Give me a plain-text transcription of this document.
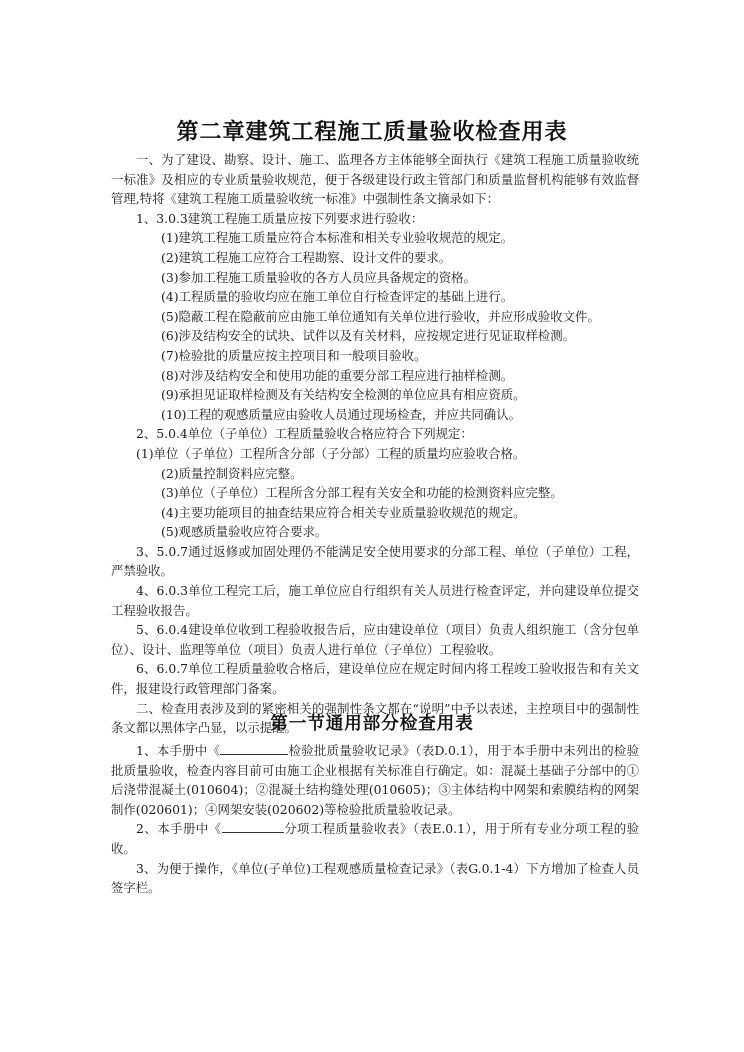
第二章建筑工程施工质量验收检查用表

一、为了建设、勘察、设计、施工、监理各方主体能够全面执行《建筑工程施工质量验收统一标准》及相应的专业质量验收规范，便于各级建设行政主管部门和质量监督机构能够有效监督管理,特将《建筑工程施工质量验收统一标准》中强制性条文摘录如下：

1、3.0.3建筑工程施工质量应按下列要求进行验收：

(1)建筑工程施工质量应符合本标准和相关专业验收规范的规定。

(2)建筑工程施工应符合工程勘察、设计文件的要求。

(3)参加工程施工质量验收的各方人员应具备规定的资格。

(4)工程质量的验收均应在施工单位自行检查评定的基础上进行。

(5)隐蔽工程在隐蔽前应由施工单位通知有关单位进行验收，并应形成验收文件。

(6)涉及结构安全的试块、试件以及有关材料，应按规定进行见证取样检测。

(7)检验批的质量应按主控项目和一般项目验收。

(8)对涉及结构安全和使用功能的重要分部工程应进行抽样检测。

(9)承担见证取样检测及有关结构安全检测的单位应具有相应资质。

(10)工程的观感质量应由验收人员通过现场检查，并应共同确认。

2、5.0.4单位（子单位）工程质量验收合格应符合下列规定：

(1)单位（子单位）工程所含分部（子分部）工程的质量均应验收合格。

(2)质量控制资料应完整。

(3)单位（子单位）工程所含分部工程有关安全和功能的检测资料应完整。

(4)主要功能项目的抽查结果应符合相关专业质量验收规范的规定。

(5)观感质量验收应符合要求。

3、5.0.7通过返修或加固处理仍不能满足安全使用要求的分部工程、单位（子单位）工程，严禁验收。

4、6.0.3单位工程完工后，施工单位应自行组织有关人员进行检查评定，并向建设单位提交工程验收报告。

5、6.0.4建设单位收到工程验收报告后，应由建设单位（项目）负责人组织施工（含分包单位）、设计、监理等单位（项目）负责人进行单位（子单位）工程验收。

6、6.0.7单位工程质量验收合格后，建设单位应在规定时间内将工程竣工验收报告和有关文件，报建设行政管理部门备案。

二、检查用表涉及到的紧密相关的强制性条文都在“说明”中予以表述，主控项目中的强制性条文都以黑体字凸显，以示提醒。

第一节通用部分检查用表

1、本手册中《	检验批质量验收记录》（表D.0.1），用于本手册中未列出的检验批质量验收，检查内容目前可由施工企业根据有关标准自行确定。如：混凝土基础子分部中的①后浇带混凝土(010604)；②混凝土结构缝处理(010605)；③主体结构中网架和索膜结构的网架制作(020601)；④网架安装(020602)等检验批质量验收记录。

2、本手册中《	分项工程质量验收表》（表E.0.1），用于所有专业分项工程的验收。

3、为便于操作，《单位(子单位)工程观感质量检查记录》（表G.0.1-4）下方增加了检查人员签字栏。
